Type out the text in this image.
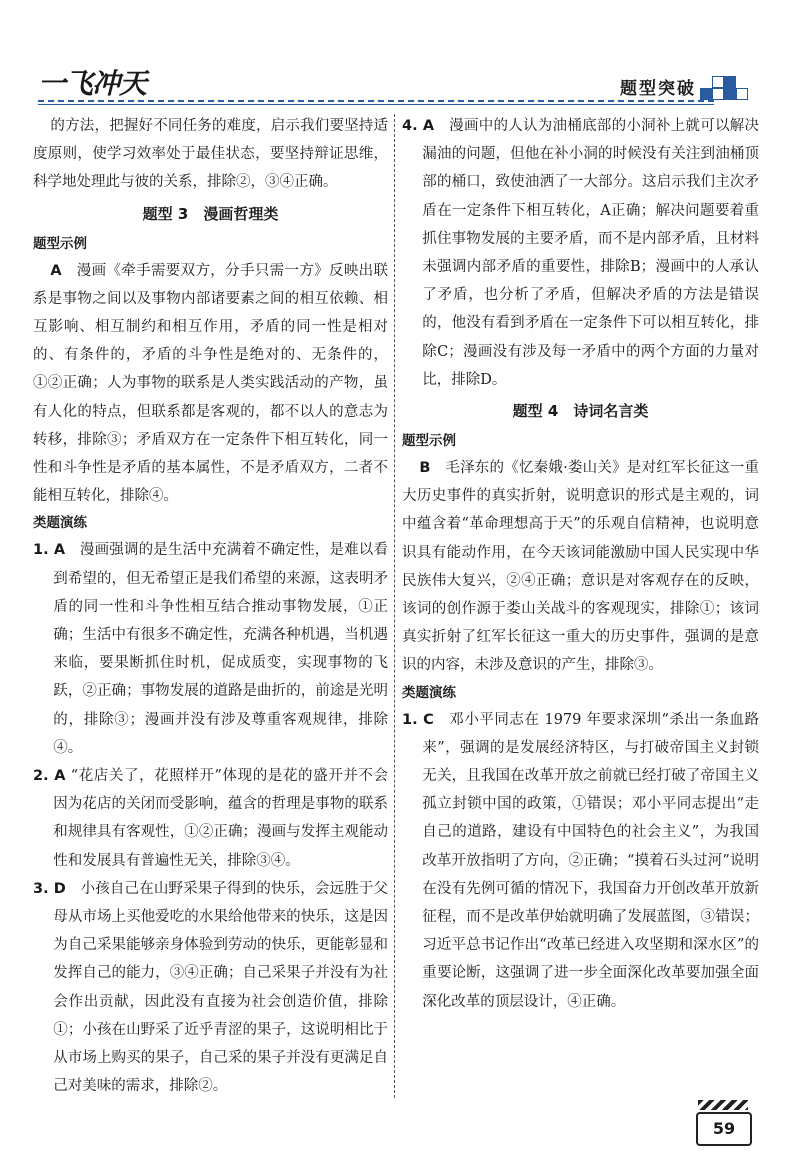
一飞冲天	题型突破

的方法，把握好不同任务的难度，启示我们要坚持适度原则，使学习效率处于最佳状态，要坚持辩证思维，科学地处理此与彼的关系，排除②，③④正确。

题型 3　漫画哲理类
题型示例

A　漫画《牵手需要双方，分手只需一方》反映出联系是事物之间以及事物内部诸要素之间的相互依赖、相互影响、相互制约和相互作用，矛盾的同一性是相对的、有条件的，矛盾的斗争性是绝对的、无条件的，①②正确；人为事物的联系是人类实践活动的产物，虽有人化的特点，但联系都是客观的，都不以人的意志为转移，排除③；矛盾双方在一定条件下相互转化，同一性和斗争性是矛盾的基本属性，不是矛盾双方，二者不能相互转化，排除④。

类题演练

1. A　漫画强调的是生活中充满着不确定性，是难以看到希望的，但无希望正是我们希望的来源，这表明矛盾的同一性和斗争性相互结合推动事物发展，①正确；生活中有很多不确定性，充满各种机遇，当机遇来临，要果断抓住时机，促成质变，实现事物的飞跃，②正确；事物发展的道路是曲折的，前途是光明的，排除③；漫画并没有涉及尊重客观规律，排除④。

2. A “花店关了，花照样开”体现的是花的盛开并不会因为花店的关闭而受影响，蕴含的哲理是事物的联系和规律具有客观性，①②正确；漫画与发挥主观能动性和发展具有普遍性无关，排除③④。

3. D　小孩自己在山野采果子得到的快乐，会远胜于父母从市场上买他爱吃的水果给他带来的快乐，这是因为自己采果能够亲身体验到劳动的快乐，更能彰显和发挥自己的能力，③④正确；自己采果子并没有为社会作出贡献，因此没有直接为社会创造价值，排除①；小孩在山野采了近乎青涩的果子，这说明相比于从市场上购买的果子，自己采的果子并没有更满足自己对美味的需求，排除②。

4. A　漫画中的人认为油桶底部的小洞补上就可以解决漏油的问题，但他在补小洞的时候没有关注到油桶顶部的桶口，致使油洒了一大部分。这启示我们主次矛盾在一定条件下相互转化，A正确；解决问题要着重抓住事物发展的主要矛盾，而不是内部矛盾，且材料未强调内部矛盾的重要性，排除B；漫画中的人承认了矛盾，也分析了矛盾，但解决矛盾的方法是错误的，他没有看到矛盾在一定条件下可以相互转化，排除C；漫画没有涉及每一矛盾中的两个方面的力量对比，排除D。

题型 4　诗词名言类
题型示例

B　毛泽东的《忆秦娥·娄山关》是对红军长征这一重大历史事件的真实折射，说明意识的形式是主观的，词中蕴含着“革命理想高于天”的乐观自信精神，也说明意识具有能动作用，在今天该词能激励中国人民实现中华民族伟大复兴，②④正确；意识是对客观存在的反映，该词的创作源于娄山关战斗的客观现实，排除①；该词真实折射了红军长征这一重大的历史事件，强调的是意识的内容，未涉及意识的产生，排除③。

类题演练

1. C　邓小平同志在 1979 年要求深圳“杀出一条血路来”，强调的是发展经济特区，与打破帝国主义封锁无关，且我国在改革开放之前就已经打破了帝国主义孤立封锁中国的政策，①错误；邓小平同志提出“走自己的道路，建设有中国特色的社会主义”，为我国改革开放指明了方向，②正确；“摸着石头过河”说明在没有先例可循的情况下，我国奋力开创改革开放新征程，而不是改革伊始就明确了发展蓝图，③错误；习近平总书记作出“改革已经进入攻坚期和深水区”的重要论断，这强调了进一步全面深化改革要加强全面深化改革的顶层设计，④正确。

59
